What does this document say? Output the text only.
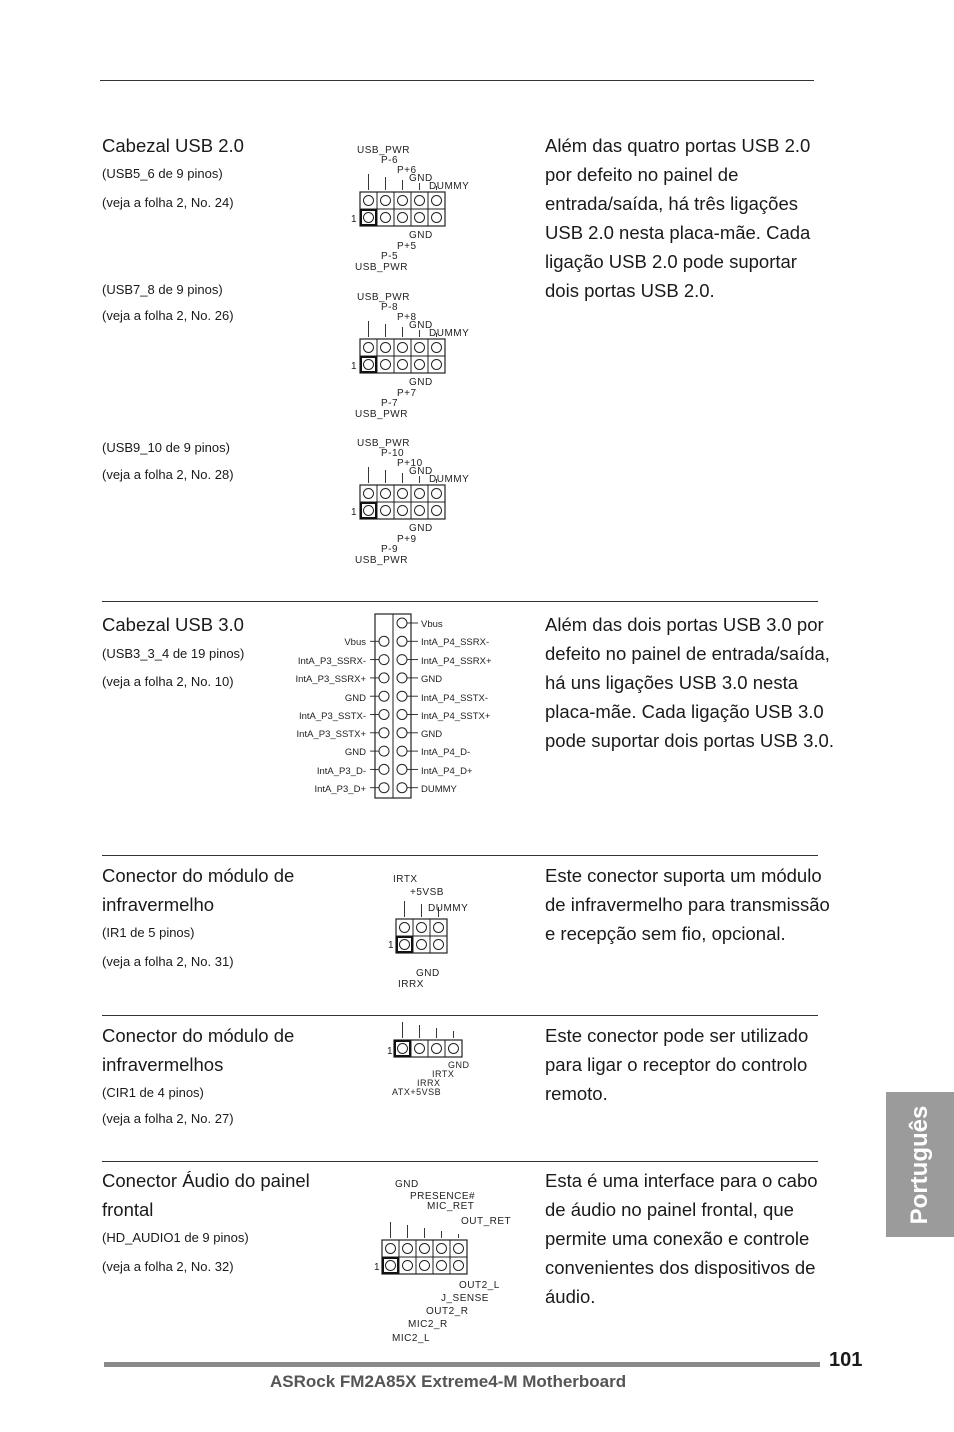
Cabezal USB 2.0
(USB5_6 de 9 pinos)
(veja a folha 2, No. 24)
(USB7_8 de 9 pinos)
(veja a folha 2, No. 26)
(USB9_10 de 9 pinos)
(veja a folha 2, No. 28)
Além das quatro portas USB 2.0 por defeito no painel de entrada/saída, há três ligações USB 2.0 nesta placa-mãe. Cada ligação USB 2.0 pode suportar dois portas USB 2.0.
USB_PWR
P-6
P+6
GND
DUMMY
1
GND
P+5
P-5
USB_PWR
USB_PWR
P-8
P+8
GND
DUMMY
1
GND
P+7
P-7
USB_PWR
USB_PWR
P-10
P+10
GND
DUMMY
1
GND
P+9
P-9
USB_PWR
Cabezal USB 3.0
(USB3_3_4 de 19 pinos)
(veja a folha 2, No. 10)
Além das dois portas USB 3.0 por defeito no painel de entrada/saída, há uns ligações USB 3.0 nesta placa-mãe. Cada ligação USB 3.0 pode suportar dois portas USB 3.0.
Vbus
Vbus
IntA_P3_SSRX-
IntA_P3_SSRX+
GND
IntA_P3_SSTX-
IntA_P3_SSTX+
GND
IntA_P3_D-
IntA_P3_D+
IntA_P4_SSRX-
IntA_P4_SSRX+
GND
IntA_P4_SSTX-
IntA_P4_SSTX+
GND
IntA_P4_D-
IntA_P4_D+
DUMMY
Conector do módulo de infravermelho
(IR1 de 5 pinos)
(veja a folha 2, No. 31)
Este conector suporta um módulo de infravermelho para transmissão e recepção sem fio, opcional.
IRTX
+5VSB
DUMMY
1
GND
IRRX
Conector do módulo de infravermelhos
(CIR1 de 4 pinos)
(veja a folha 2, No. 27)
Este conector pode ser utilizado para ligar o receptor do controlo remoto.
1
GND
IRTX
IRRX
ATX+5VSB
Conector Áudio do painel frontal
(HD_AUDIO1 de 9 pinos)
(veja a folha 2, No. 32)
Esta é uma interface para o cabo de áudio no painel frontal, que permite uma conexão e controle convenientes dos dispositivos de áudio.
GND
PRESENCE#
MIC_RET
OUT_RET
1
OUT2_L
J_SENSE
OUT2_R
MIC2_R
MIC2_L
Português
101
ASRock FM2A85X Extreme4-M Motherboard
